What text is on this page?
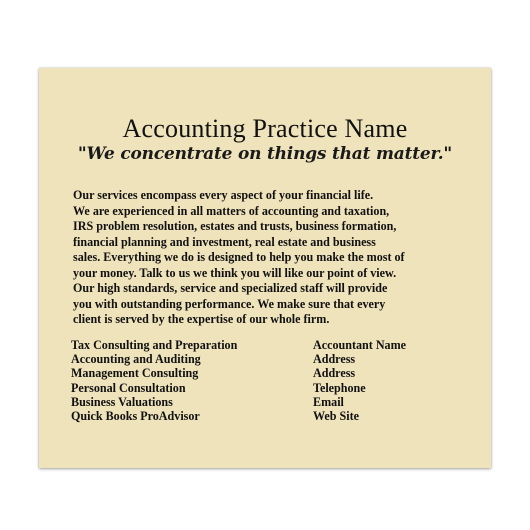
Accounting Practice Name
"We concentrate on things that matter."
Our services encompass every aspect of your financial life.
We are experienced in all matters of accounting and taxation,
IRS problem resolution, estates and trusts, business formation,
financial planning and investment, real estate and business
sales. Everything we do is designed to help you make the most of
your money. Talk to us we think you will like our point of view.
Our high standards, service and specialized staff will provide
you with outstanding performance. We make sure that every
client is served by the expertise of our whole firm.
Tax Consulting and Preparation
Accounting and Auditing
Management Consulting
Personal Consultation
Business Valuations
Quick Books ProAdvisor
Accountant Name
Address
Address
Telephone
Email
Web Site
